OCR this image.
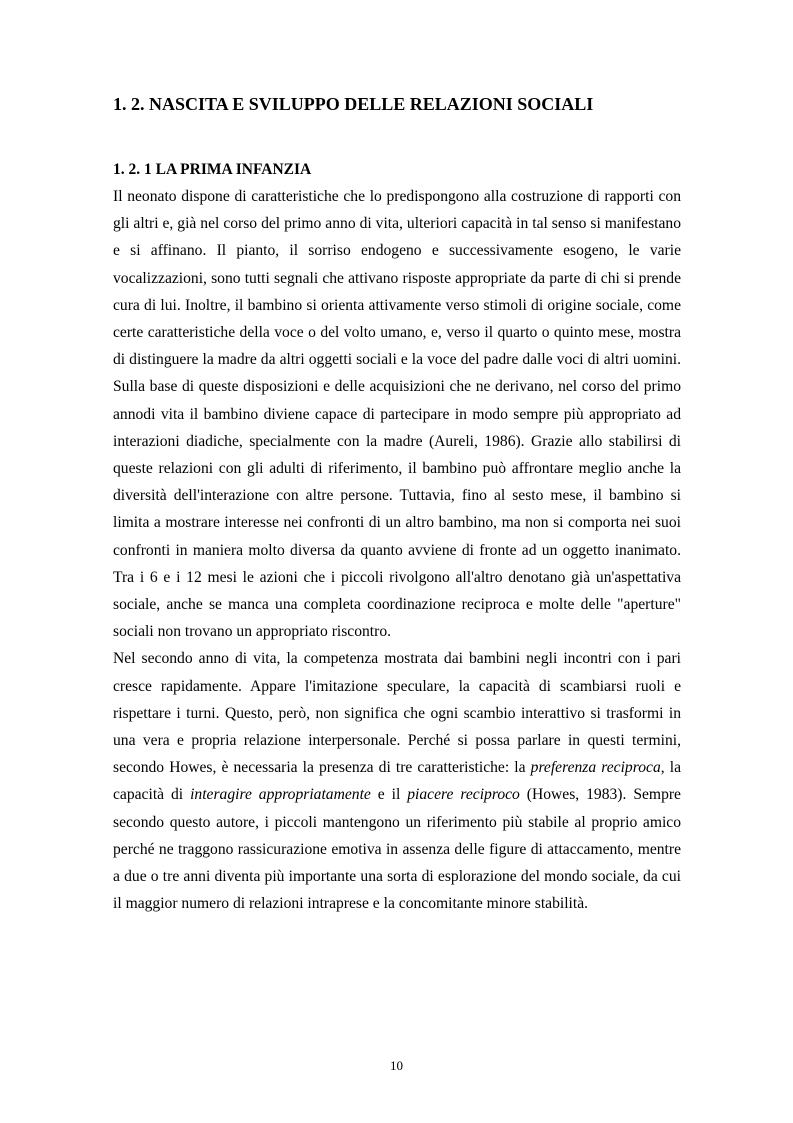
1. 2. NASCITA E SVILUPPO DELLE RELAZIONI SOCIALI
1. 2. 1 LA PRIMA INFANZIA

Il neonato dispone di caratteristiche che lo predispongono alla costruzione di rapporti con gli altri e, già nel corso del primo anno di vita, ulteriori capacità in tal senso si manifestano e si affinano. Il pianto, il sorriso endogeno e successivamente esogeno, le varie vocalizzazioni, sono tutti segnali che attivano risposte appropriate da parte di chi si prende cura di lui. Inoltre, il bambino si orienta attivamente verso stimoli di origine sociale, come certe caratteristiche della voce o del volto umano, e, verso il quarto o quinto mese, mostra di distinguere la madre da altri oggetti sociali e la voce del padre dalle voci di altri uomini. Sulla base di queste disposizioni e delle acquisizioni che ne derivano, nel corso del primo annodi vita il bambino diviene capace di partecipare in modo sempre più appropriato ad interazioni diadiche, specialmente con la madre (Aureli, 1986). Grazie allo stabilirsi di queste relazioni con gli adulti di riferimento, il bambino può affrontare meglio anche la diversità dell'interazione con altre persone. Tuttavia, fino al sesto mese, il bambino si limita a mostrare interesse nei confronti di un altro bambino, ma non si comporta nei suoi confronti in maniera molto diversa da quanto avviene di fronte ad un oggetto inanimato. Tra i 6 e i 12 mesi le azioni che i piccoli rivolgono all'altro denotano già un'aspettativa sociale, anche se manca una completa coordinazione reciproca e molte delle "aperture" sociali non trovano un appropriato riscontro.

Nel secondo anno di vita, la competenza mostrata dai bambini negli incontri con i pari cresce rapidamente. Appare l'imitazione speculare, la capacità di scambiarsi ruoli e rispettare i turni. Questo, però, non significa che ogni scambio interattivo si trasformi in una vera e propria relazione interpersonale. Perché si possa parlare in questi termini, secondo Howes, è necessaria la presenza di tre caratteristiche: la preferenza reciproca, la capacità di interagire appropriatamente e il piacere reciproco (Howes, 1983). Sempre secondo questo autore, i piccoli mantengono un riferimento più stabile al proprio amico perché ne traggono rassicurazione emotiva in assenza delle figure di attaccamento, mentre a due o tre anni diventa più importante una sorta di esplorazione del mondo sociale, da cui il maggior numero di relazioni intraprese e la concomitante minore stabilità.

10
